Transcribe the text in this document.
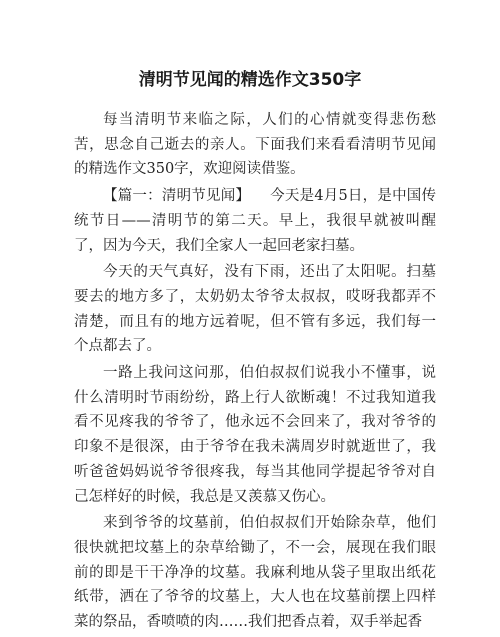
清明节见闻的精选作文350字

每当清明节来临之际，人们的心情就变得悲伤愁苦，思念自己逝去的亲人。下面我们来看看清明节见闻的精选作文350字，欢迎阅读借鉴。

【篇一：清明节见闻】 今天是4月5日，是中国传统节日——清明节的第二天。早上，我很早就被叫醒了，因为今天，我们全家人一起回老家扫墓。

今天的天气真好，没有下雨，还出了太阳呢。扫墓要去的地方多了，太奶奶太爷爷太叔叔，哎呀我都弄不清楚，而且有的地方远着呢，但不管有多远，我们每一个点都去了。

一路上我问这问那，伯伯叔叔们说我小不懂事，说什么清明时节雨纷纷，路上行人欲断魂！不过我知道我看不见疼我的爷爷了，他永远不会回来了，我对爷爷的印象不是很深，由于爷爷在我未满周岁时就逝世了，我听爸爸妈妈说爷爷很疼我，每当其他同学提起爷爷对自己怎样好的时候，我总是又羡慕又伤心。

来到爷爷的坟墓前，伯伯叔叔们开始除杂草，他们很快就把坟墓上的杂草给锄了，不一会，展现在我们眼前的即是干干净净的坟墓。我麻利地从袋子里取出纸花纸带，洒在了爷爷的坟墓上，大人也在坟墓前摆上四样菜的祭品，香喷喷的肉……我们把香点着，双手举起香
